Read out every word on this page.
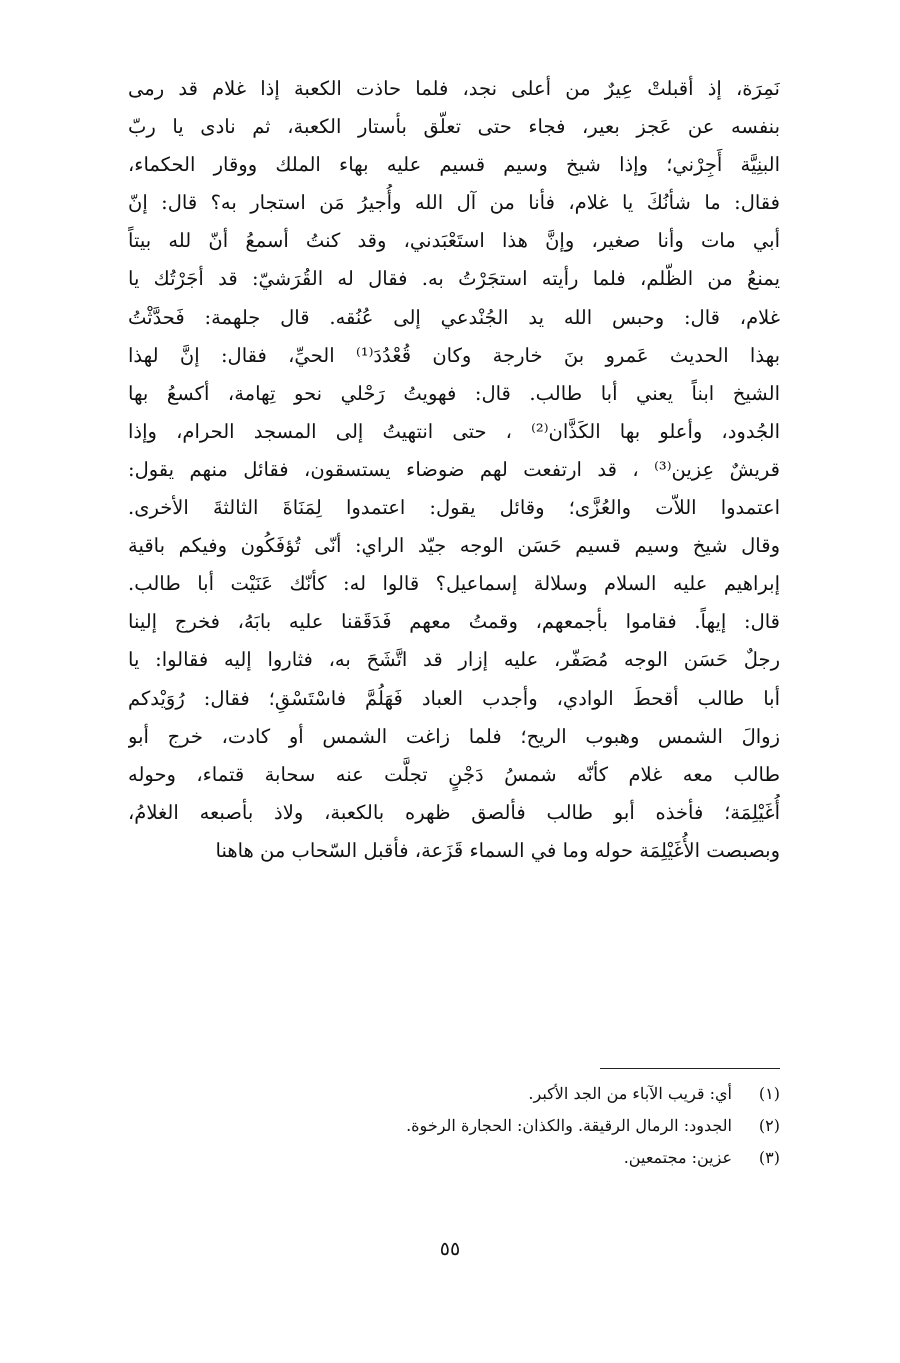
نَمِرَة، إذ أقبلتْ عِيرٌ من أعلى نجد، فلما حاذت الكعبة إذا غلام قد رمى
بنفسه عن عَجز بعير، فجاء حتى تعلّق بأستار الكعبة، ثم نادى يا ربّ
البنِيَّة أَجِرْني؛ وإذا شيخ وسيم قسيم عليه بهاء الملك ووقار الحكماء،
فقال: ما شأنُكَ يا غلام، فأنا من آل الله وأُجيرُ مَن استجار به؟ قال: إنّ
أبي مات وأنا صغير، وإنَّ هذا استَعْبَدني، وقد كنتُ أسمعُ أنّ لله بيتاً
يمنعُ من الظّلم، فلما رأيته استجَرْتُ به. فقال له القُرَشيّ: قد أجَرْتُك يا
غلام، قال: وحبس الله يد الجُنْدعي إلى عُنُقه. قال جلهمة: فَحدَّثْتُ
بهذا الحديث عَمرو بنَ خارجة وكان قُعْدُدَ⁽¹⁾ الحيِّ، فقال: إنَّ لهذا
الشيخ ابناً يعني أبا طالب. قال: فهويتُ رَحْلي نحو تِهامة، أكسعُ بها
الجُدود، وأعلو بها الكَذَّان⁽²⁾ ، حتى انتهيتُ إلى المسجد الحرام، وإذا
قريشٌ عِزين⁽³⁾ ، قد ارتفعت لهم ضوضاء يستسقون، فقائل منهم يقول:
اعتمدوا اللاّت والعُزَّى؛ وقائل يقول: اعتمدوا لِمَنَاةَ الثالثةَ الأخرى.
وقال شيخ وسيم قسيم حَسَن الوجه جيّد الراي: أنّى تُؤفَكُون وفيكم باقية
إبراهيم عليه السلام وسلالة إسماعيل؟ قالوا له: كأنّك عَنَيْت أبا طالب.
قال: إيهاً. فقاموا بأجمعهم، وقمتُ معهم فَدَقَقنا عليه بابَهُ، فخرج إلينا
رجلٌ حَسَن الوجه مُصَفّر، عليه إزار قد اتَّشَحَ به، فثاروا إليه فقالوا: يا
أبا طالب أقحطَ الوادي، وأجدب العباد فَهَلُمَّ فاسْتَسْقِ؛ فقال: رُوَيْدكم
زوالَ الشمس وهبوب الريح؛ فلما زاغت الشمس أو كادت، خرج أبو
طالب معه غلام كأنّه شمسُ دَجْنٍ تجلَّت عنه سحابة قتماء، وحوله
أُغَيْلِمَة؛ فأخذه أبو طالب فألصق ظهره بالكعبة، ولاذ بأصبعه الغلامُ،
وبصبصت الأُغَيْلِمَة حوله وما في السماء قَزَعة، فأقبل السّحاب من هاهنا
(١)أي: قريب الآباء من الجد الأكبر.
(٢)الجدود: الرمال الرقيقة. والكذان: الحجارة الرخوة.
(٣)عزين: مجتمعين.
٥٥
